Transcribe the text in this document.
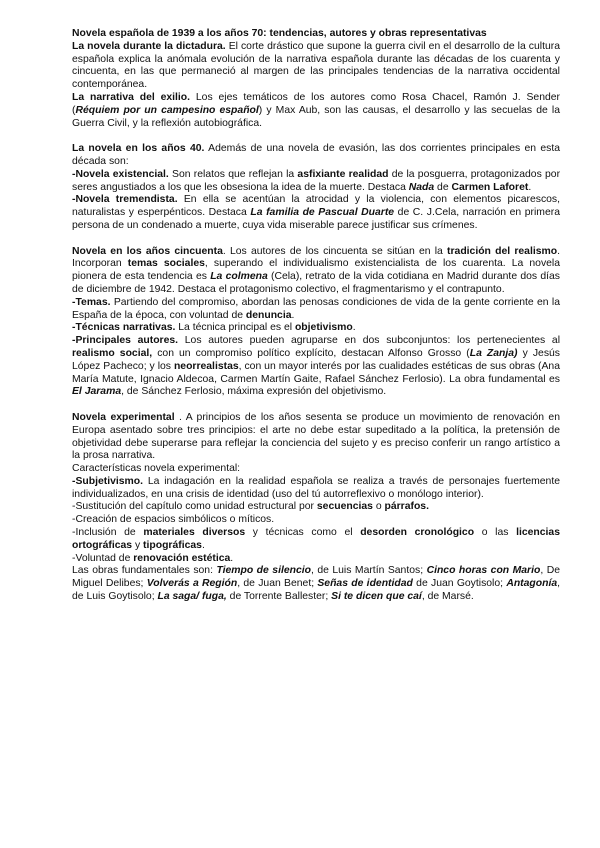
Novela española de 1939 a los años 70: tendencias, autores y obras representativas

La novela durante la dictadura. El corte drástico que supone la guerra civil en el desarrollo de la cultura española explica la anómala evolución de la narrativa española durante las décadas de los cuarenta y cincuenta, en las que permaneció al margen de las principales tendencias de la narrativa occidental contemporánea.

La narrativa del exilio. Los ejes temáticos de los autores como Rosa Chacel, Ramón J. Sender (Réquiem por un campesino español) y Max Aub, son las causas, el desarrollo y las secuelas de la Guerra Civil, y la reflexión autobiográfica.

La novela en los años 40. Además de una novela de evasión, las dos corrientes principales en esta década son:

-Novela existencial. Son relatos que reflejan la asfixiante realidad de la posguerra, protagonizados por seres angustiados a los que les obsesiona la idea de la muerte. Destaca Nada de Carmen Laforet.

-Novela tremendista. En ella se acentúan la atrocidad y la violencia, con elementos picarescos, naturalistas y esperpénticos. Destaca La familia de Pascual Duarte de C. J.Cela, narración en primera persona de un condenado a muerte, cuya vida miserable parece justificar sus crímenes.

Novela en los años cincuenta. Los autores de los cincuenta se sitúan en la tradición del realismo. Incorporan temas sociales, superando el individualismo existencialista de los cuarenta. La novela pionera de esta tendencia es La colmena (Cela), retrato de la vida cotidiana en Madrid durante dos días de diciembre de 1942. Destaca el protagonismo colectivo, el fragmentarismo y el contrapunto.

-Temas. Partiendo del compromiso, abordan las penosas condiciones de vida de la gente corriente en la España de la época, con voluntad de denuncia.

-Técnicas narrativas. La técnica principal es el objetivismo.

-Principales autores. Los autores pueden agruparse en dos subconjuntos: los pertenecientes al realismo social, con un compromiso político explícito, destacan Alfonso Grosso (La Zanja) y Jesús López Pacheco; y los neorrealistas, con un mayor interés por las cualidades estéticas de sus obras (Ana María Matute, Ignacio Aldecoa, Carmen Martín Gaite, Rafael Sánchez Ferlosio). La obra fundamental es El Jarama, de Sánchez Ferlosio, máxima expresión del objetivismo.

Novela experimental . A principios de los años sesenta se produce un movimiento de renovación en Europa asentado sobre tres principios: el arte no debe estar supeditado a la política, la pretensión de objetividad debe superarse para reflejar la conciencia del sujeto y es preciso conferir un rango artístico a la prosa narrativa.

Características novela experimental:

-Subjetivismo. La indagación en la realidad española se realiza a través de personajes fuertemente individualizados, en una crisis de identidad (uso del tú autorreflexivo o monólogo interior).

-Sustitución del capítulo como unidad estructural por secuencias o párrafos.

-Creación de espacios simbólicos o míticos.

-Inclusión de materiales diversos y técnicas como el desorden cronológico o las licencias ortográficas y tipográficas.

-Voluntad de renovación estética.

Las obras fundamentales son: Tiempo de silencio, de Luis Martín Santos; Cinco horas con Mario, De Miguel Delibes; Volverás a Región, de Juan Benet; Señas de identidad de Juan Goytisolo; Antagonía, de Luis Goytisolo; La saga/ fuga, de Torrente Ballester; Si te dicen que caí, de Marsé.
